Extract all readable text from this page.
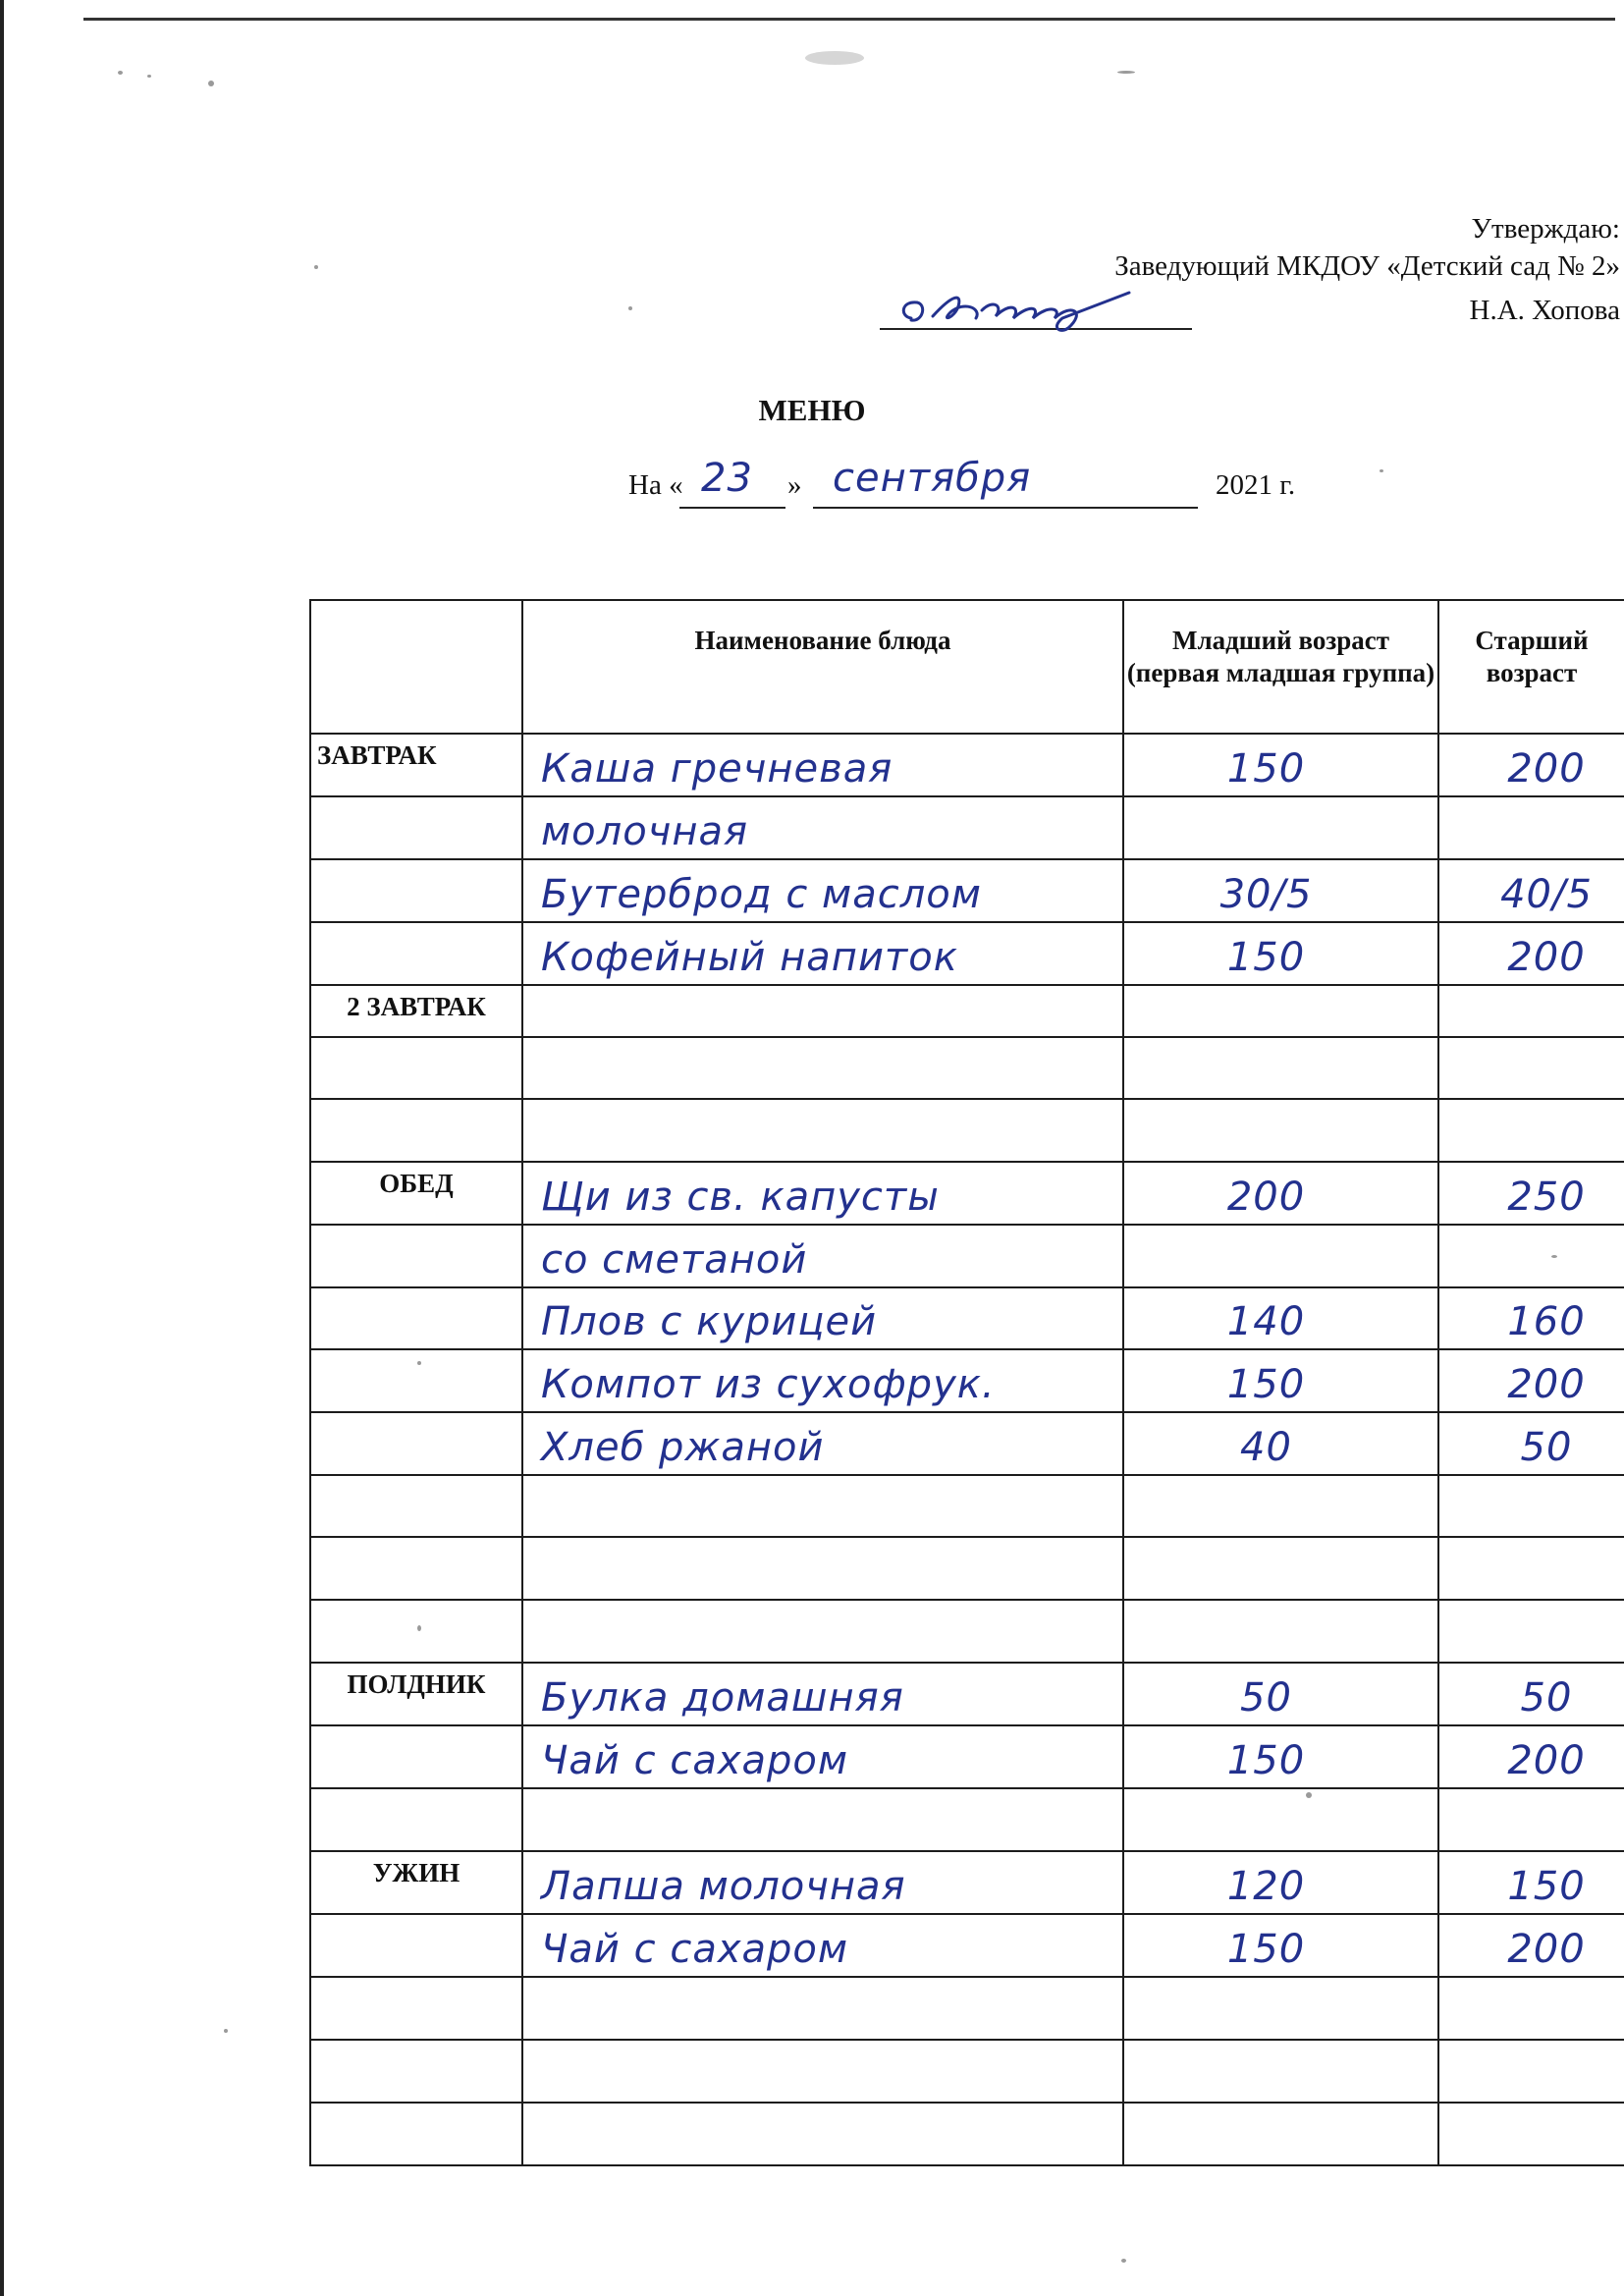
Утверждаю:
Заведующий МКДОУ «Детский сад № 2»
Н.А. Хопова
МЕНЮ
На « 23 » сентября	2021 г.
	Наименование блюда	Младший возраст (первая младшая группа)	Старший возраст
ЗАВТРАК	Каша гречневая	150	200

	молочная		

	Бутерброд с маслом	30/5	40/5

	Кофейный напиток	150	200

2 ЗАВТРАК	

ОБЕД	Щи из св. капусты	200	250

	со сметаной		

	Плов с курицей	140	160

	Компот из сухофрук.	150	200

	Хлеб ржаной	40	50

ПОЛДНИК	Булка домашняя	50	50

	Чай с сахаром	150	200

УЖИН	Лапша молочная	120	150

	Чай с сахаром	150	200
